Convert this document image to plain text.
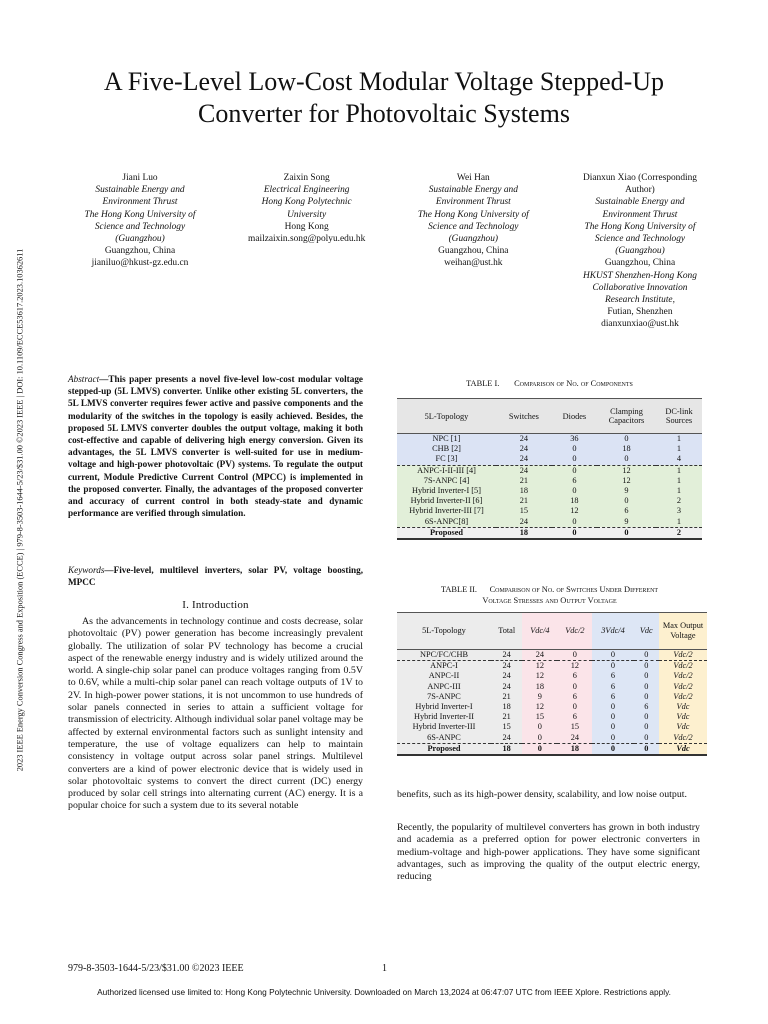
A Five-Level Low-Cost Modular Voltage Stepped-Up
Converter for Photovoltaic Systems
2023 IEEE Energy Conversion Congress and Exposition (ECCE) | 979-8-3503-1644-5/23/$31.00 ©2023 IEEE | DOI: 10.1109/ECCE53617.2023.10362611
Jiani Luo
Sustainable Energy and
Environment Thrust
The Hong Kong University of
Science and Technology
(Guangzhou)
Guangzhou, China
jianiluo@hkust-gz.edu.cn
Zaixin Song
Electrical Engineering
Hong Kong Polytechnic
University
Hong Kong
mailzaixin.song@polyu.edu.hk
Wei Han
Sustainable Energy and
Environment Thrust
The Hong Kong University of
Science and Technology
(Guangzhou)
Guangzhou, China
weihan@ust.hk
Dianxun Xiao (Corresponding
Author)
Sustainable Energy and
Environment Thrust
The Hong Kong University of
Science and Technology
(Guangzhou)
Guangzhou, China
HKUST Shenzhen-Hong Kong
Collaborative Innovation
Research Institute,
Futian, Shenzhen
dianxunxiao@ust.hk
Abstract—This paper presents a novel five-level low-cost modular voltage stepped-up (5L LMVS) converter. Unlike other existing 5L converters, the 5L LMVS converter requires fewer active and passive components and the modularity of the switches in the topology is easily achieved. Besides, the proposed 5L LMVS converter doubles the output voltage, making it both cost-effective and capable of delivering high energy conversion. Given its advantages, the 5L LMVS converter is well-suited for use in medium-voltage and high-power photovoltaic (PV) systems. To regulate the output current, Module Predictive Current Control (MPCC) is implemented in the proposed converter. Finally, the advantages of the proposed converter and accuracy of current control in both steady-state and dynamic performance are verified through simulation.
Keywords—Five-level, multilevel inverters, solar PV, voltage boosting, MPCC
I. Introduction
As the advancements in technology continue and costs decrease, solar photovoltaic (PV) power generation has become increasingly prevalent globally. The utilization of solar PV technology has become a crucial aspect of the renewable energy industry and is widely utilized around the world. A single-chip solar panel can produce voltages ranging from 0.5V to 0.6V, while a multi-chip solar panel can reach voltage outputs of 1V to 2V. In high-power power stations, it is not uncommon to use hundreds of solar panels connected in series to attain a sufficient voltage for transmission of electricity. Although individual solar panel voltage may be affected by external environmental factors such as sunlight intensity and temperature, the use of voltage equalizers can help to maintain consistency in voltage output across solar panel strings. Multilevel converters are a kind of power electronic device that is widely used in solar photovoltaic systems to convert the direct current (DC) energy produced by solar cell strings into alternating current (AC) energy. It is a popular choice for such a system due to its several notable
TABLE I. Comparison of No. of Components
5L-Topology	Switches	Diodes	Clamping Capacitors	DC-link Sources
NPC [1]	24	36	0	1
CHB [2]	24	0	18	1
FC [3]	24	0	0	4
ANPC-I-II-III [4]	24	0	12	1
7S-ANPC [4]	21	6	12	1
Hybrid Inverter-I [5]	18	0	9	1
Hybrid Inverter-II [6]	21	18	0	2
Hybrid Inverter-III [7]	15	12	6	3
6S-ANPC[8]	24	0	9	1
Proposed	18	0	0	2
TABLE II. Comparison of No. of Switches Under Different
Voltage Stresses and Output Voltage
5L-Topology	Total	Vdc/4	Vdc/2	3Vdc/4	Vdc	Max Output Voltage
NPC/FC/CHB	24	24	0	0	0	Vdc/2
ANPC-I	24	12	12	0	0	Vdc/2
ANPC-II	24	12	6	6	0	Vdc/2
ANPC-III	24	18	0	6	0	Vdc/2
7S-ANPC	21	9	6	6	0	Vdc/2
Hybrid Inverter-I	18	12	0	0	6	Vdc
Hybrid Inverter-II	21	15	6	0	0	Vdc
Hybrid Inverter-III	15	0	15	0	0	Vdc
6S-ANPC	24	0	24	0	0	Vdc/2
Proposed	18	0	18	0	0	Vdc
benefits, such as its high-power density, scalability, and low noise output.
Recently, the popularity of multilevel converters has grown in both industry and academia as a preferred option for power electronic converters in medium-voltage and high-power applications. They have some significant advantages, such as improving the quality of the output electric energy, reducing
979-8-3503-1644-5/23/$31.00 ©2023 IEEE	1
Authorized licensed use limited to: Hong Kong Polytechnic University. Downloaded on March 13,2024 at 06:47:07 UTC from IEEE Xplore. Restrictions apply.
